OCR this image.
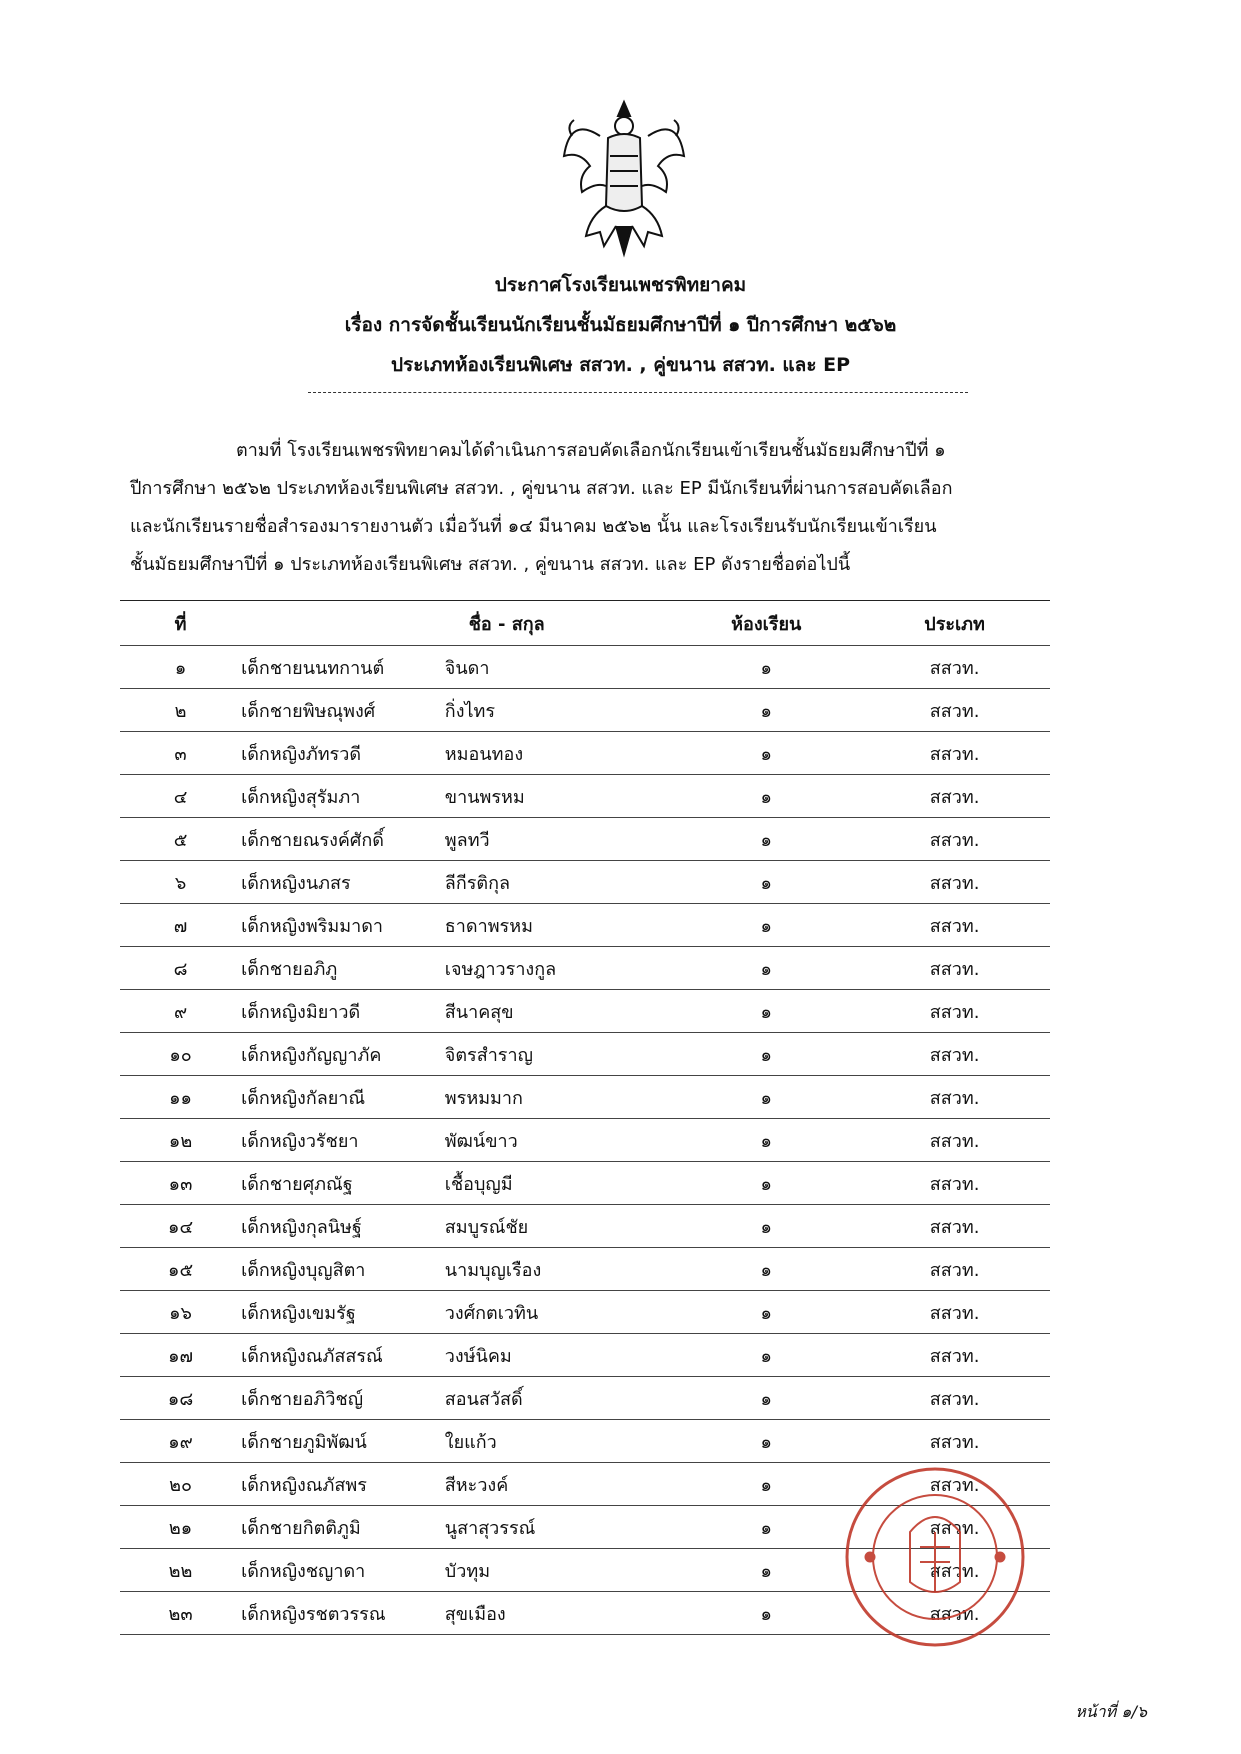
ประกาศโรงเรียนเพชรพิทยาคม
เรื่อง การจัดชั้นเรียนนักเรียนชั้นมัธยมศึกษาปีที่ ๑ ปีการศึกษา ๒๕๖๒
ประเภทห้องเรียนพิเศษ สสวท. , คู่ขนาน สสวท. และ EP
ตามที่ โรงเรียนเพชรพิทยาคมได้ดำเนินการสอบคัดเลือกนักเรียนเข้าเรียนชั้นมัธยมศึกษาปีที่ ๑
ปีการศึกษา ๒๕๖๒ ประเภทห้องเรียนพิเศษ สสวท. , คู่ขนาน สสวท. และ EP มีนักเรียนที่ผ่านการสอบคัดเลือก
และนักเรียนรายชื่อสำรองมารายงานตัว เมื่อวันที่ ๑๔ มีนาคม ๒๕๖๒ นั้น และโรงเรียนรับนักเรียนเข้าเรียน
ชั้นมัธยมศึกษาปีที่ ๑ ประเภทห้องเรียนพิเศษ สสวท. , คู่ขนาน สสวท. และ EP ดังรายชื่อต่อไปนี้
ที่	ชื่อ - สกุล		ห้องเรียน	ประเภท
๑	เด็กชายนนทกานต์	จินดา	๑	สสวท.
๒	เด็กชายพิษณุพงศ์	กิ่งไทร	๑	สสวท.
๓	เด็กหญิงภัทรวดี	หมอนทอง	๑	สสวท.
๔	เด็กหญิงสุรัมภา	ขานพรหม	๑	สสวท.
๕	เด็กชายณรงค์ศักดิ์	พูลทวี	๑	สสวท.
๖	เด็กหญิงนภสร	ลีกีรติกุล	๑	สสวท.
๗	เด็กหญิงพริมมาดา	ธาดาพรหม	๑	สสวท.
๘	เด็กชายอภิภู	เจษฎาวรางกูล	๑	สสวท.
๙	เด็กหญิงมิยาวดี	สีนาคสุข	๑	สสวท.
๑๐	เด็กหญิงกัญญาภัค	จิตรสำราญ	๑	สสวท.
๑๑	เด็กหญิงกัลยาณี	พรหมมาก	๑	สสวท.
๑๒	เด็กหญิงวรัชยา	พัฒน์ขาว	๑	สสวท.
๑๓	เด็กชายศุภณัฐ	เชื้อบุญมี	๑	สสวท.
๑๔	เด็กหญิงกุลนิษฐ์	สมบูรณ์ชัย	๑	สสวท.
๑๕	เด็กหญิงบุญสิตา	นามบุญเรือง	๑	สสวท.
๑๖	เด็กหญิงเขมรัฐ	วงศ์กตเวทิน	๑	สสวท.
๑๗	เด็กหญิงณภัสสรณ์	วงษ์นิคม	๑	สสวท.
๑๘	เด็กชายอภิวิชญ์	สอนสวัสดิ์	๑	สสวท.
๑๙	เด็กชายภูมิพัฒน์	ใยแก้ว	๑	สสวท.
๒๐	เด็กหญิงณภัสพร	สีหะวงค์	๑	สสวท.
๒๑	เด็กชายกิตติภูมิ	นูสาสุวรรณ์	๑	สสวท.
๒๒	เด็กหญิงชญาดา	บัวทุม	๑	สสวท.
๒๓	เด็กหญิงรชตวรรณ	สุขเมือง	๑	สสวท.
หน้าที่ ๑/๖
